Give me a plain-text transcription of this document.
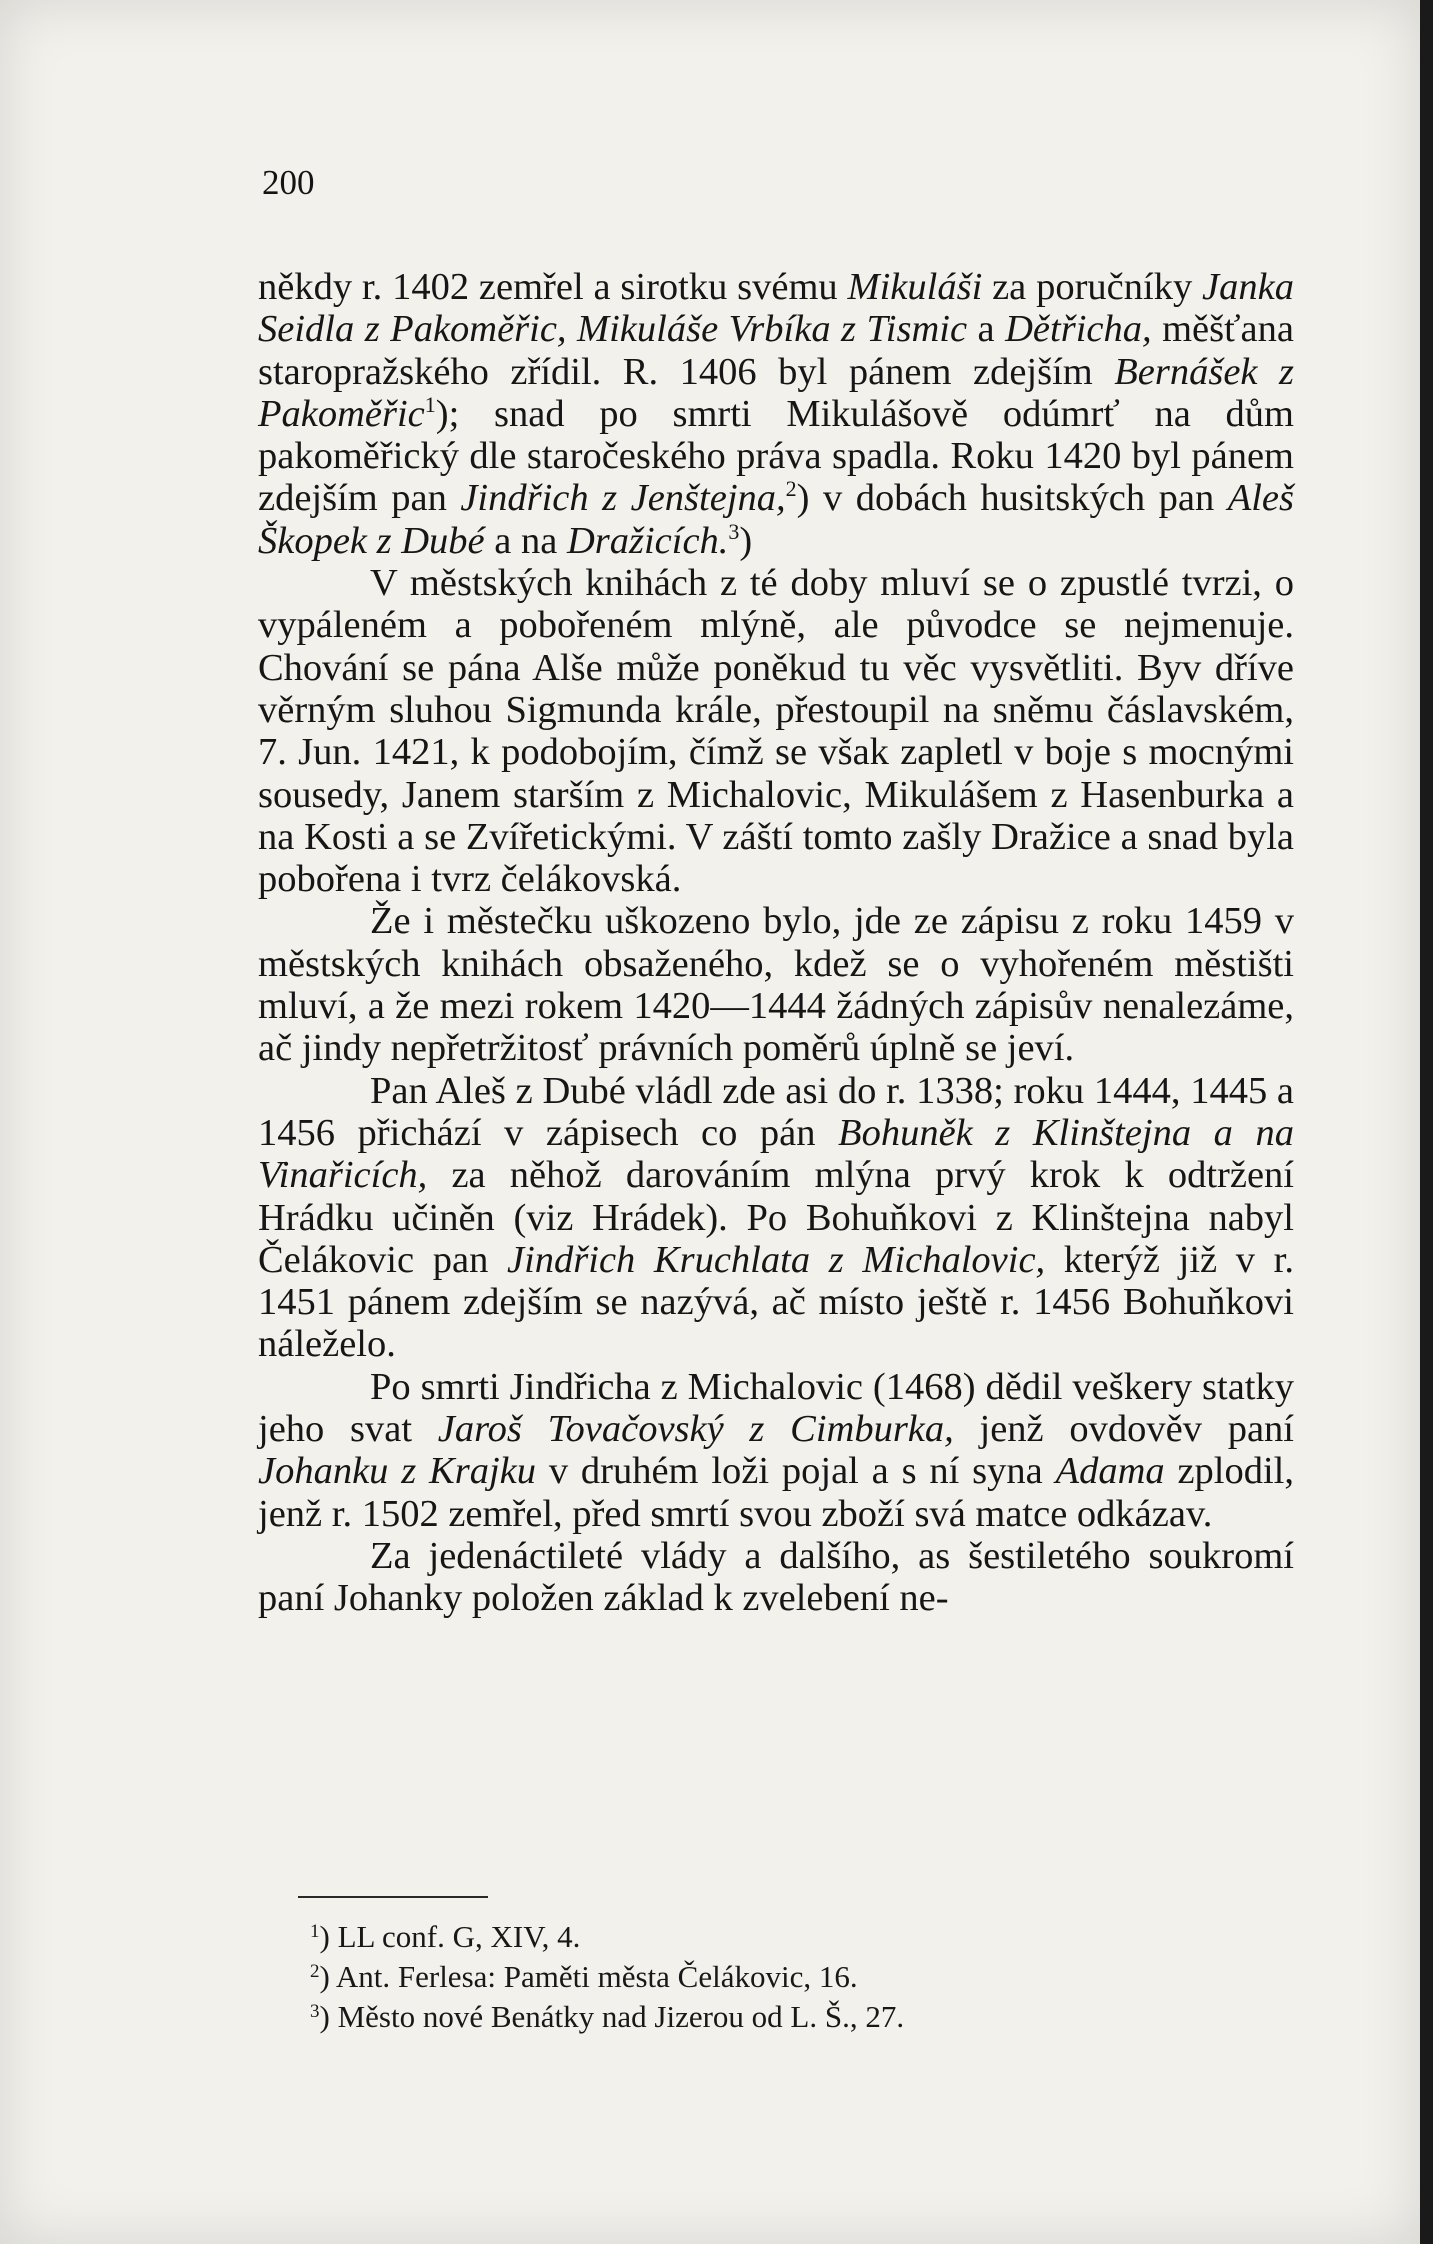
200

někdy r. 1402 zemřel a sirotku svému Mikuláši za poručníky Janka Seidla z Pakoměřic, Mikuláše Vrbíka z Tismic a Dětřicha, měšťana staropražského zřídil. R. 1406 byl pánem zdejším Bernášek z Pakoměřic$^1$); snad po smrti Mikulášově odúmrť na dům pakoměřický dle staročeského práva spadla. Roku 1420 byl pánem zdejším pan Jindřich z Jenštejna,$^2$) v dobách husitských pan Aleš Škopek z Dubé a na Dražicích.$^3$)

V městských knihách z té doby mluví se o zpustlé tvrzi, o vypáleném a pobořeném mlýně, ale původce se nejmenuje. Chování se pána Alše může poněkud tu věc vysvětliti. Byv dříve věrným sluhou Sigmunda krále, přestoupil na sněmu čáslavském, 7. Jun. 1421, k podobojím, čímž se však zapletl v boje s mocnými sousedy, Janem starším z Michalovic, Mikulášem z Hasenburka a na Kosti a se Zvířetickými. V záští tomto zašly Dražice a snad byla pobořena i tvrz čelákovská.

Že i městečku uškozeno bylo, jde ze zápisu z roku 1459 v městských knihách obsaženého, kdež se o vyhořeném městišti mluví, a že mezi rokem 1420—1444 žádných zápisův nenalezáme, ač jindy nepřetržitosť právních poměrů úplně se jeví.

Pan Aleš z Dubé vládl zde asi do r. 1338; roku 1444, 1445 a 1456 přichází v zápisech co pán Bohuněk z Klinštejna a na Vinařicích, za něhož darováním mlýna prvý krok k odtržení Hrádku učiněn (viz Hrádek). Po Bohuňkovi z Klinštejna nabyl Čelákovic pan Jindřich Kruchlata z Michalovic, kterýž již v r. 1451 pánem zdejším se nazývá, ač místo ještě r. 1456 Bohuňkovi náleželo.

Po smrti Jindřicha z Michalovic (1468) dědil veškery statky jeho svat Jaroš Tovačovský z Cimburka, jenž ovdověv paní Johanku z Krajku v druhém loži pojal a s ní syna Adama zplodil, jenž r. 1502 zemřel, před smrtí svou zboží svá matce odkázav.

Za jedenáctileté vlády a dalšího, as šestiletého soukromí paní Johanky položen základ k zvelebení ne-

$^1$) LL conf. G, XIV, 4.

$^2$) Ant. Ferlesa: Paměti města Čelákovic, 16.

$^3$) Město nové Benátky nad Jizerou od L. Š., 27.
